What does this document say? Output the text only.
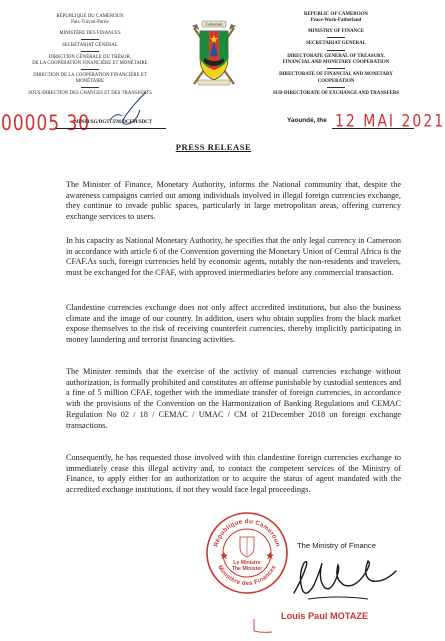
RÉPUBLIQUE DU CAMEROUN
Paix-Travail-Patrie
MINISTÈRE DES FINANCES
SECRÉTARIAT GÉNÉRAL
DIRECTION GÉNÉRALE DU TRÉSOR,
DE LA COOPÉRATION FINANCIÈRE ET MONÉTAIRE
DIRECTION DE LA COOPÉRATION FINANCIÈRE ET
MONÉTAIRE
SOUS-DIRECTION DES CHANGES ET DES TRANSFERTS
Cameroun
REPUBLIC OF CAMEROON
Peace-Work-Fatherland
MINISTRY OF FINANCE
SECRETARIAT GENERAL
DIRECTORATE GENERAL OF TREASURY,
FINANCIAL AND MONETARY COOPERATION
DIRECTORATE OF FINANCIAL AND MONETARY
COOPERATION
SUB-DIRECTORATE OF EXCHANGE AND TRANSFERS
00005 30
MINFI/SG/DGTCFM/DCFM/SDCT	Yaoundé, the 12 MAI 2021
PRESS RELEASE

The Minister of Finance, Monetary Authority, informs the National community that, despite the awareness campaigns carried out among individuals involved in illegal foreign currencies exchange, they continue to invade public spaces, particularly in large metropolitan areas, offering currency exchange services to users.

In his capacity as National Monetary Authority, he specifies that the only legal currency in Cameroon in accordance with article 6 of the Convention governing the Monetary Union of Central Africa is the CFAF.As such, foreign currencies held by economic agents, notably the non-residents and travelers, must be exchanged for the CFAF, with approved intermediaries before any commercial transaction.

Clandestine currencies exchange does not only affect accredited institutions, but also the business climate and the image of our country. In addition, users who obtain supplies from the black market expose themselves to the risk of receiving counterfeit currencies, thereby implicitly participating in money laundering and terrorist financing activities.

The Minister reminds that the exercise of the activity of manual currencies exchange without authorization, is formally prohibited and constitutes an offense punishable by custodial sentences and a fine of 5 million CFAF, together with the immediate transfer of foreign currencies, in accordance with the provisions of the Convention on the Harmonization of Banking Regulations and CEMAC Regulation No 02 / 18 / CEMAC / UMAC / CM of 21December 2018 on foreign exchange transactions.

Consequently, he has requested those involved with this clandestine foreign currencies exchange to immediately cease this illegal activity and, to contact the competent services of the Ministry of Finance, to apply either for an authorization or to acquire the status of agent mandated with the accredited exchange institutions, if not they would face legal proceedings.

République du Cameroun
Ministère des Finances
Le Ministre
The Minister
The Ministry of Finance
Louis Paul MOTAZE
